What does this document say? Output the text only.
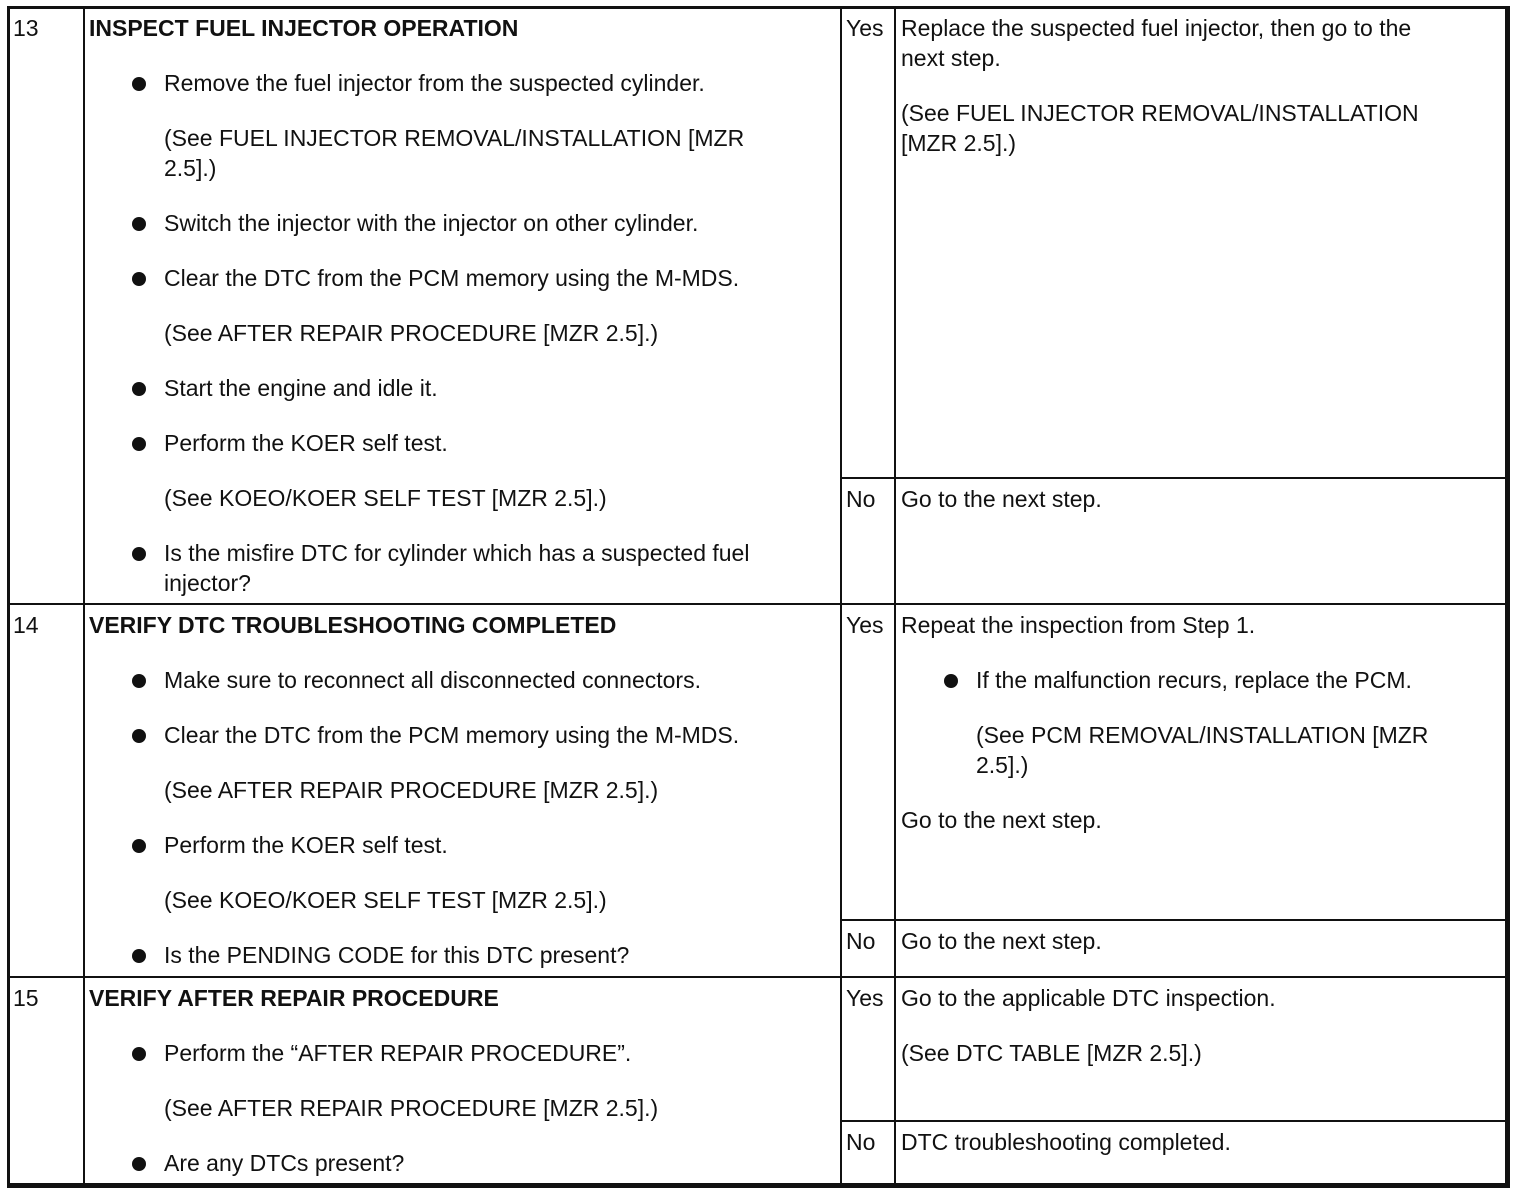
13 INSPECT FUEL INJECTOR OPERATION
Remove the fuel injector from the suspected cylinder.
(See FUEL INJECTOR REMOVAL/INSTALLATION [MZR
2.5].)
Switch the injector with the injector on other cylinder.
Clear the DTC from the PCM memory using the M-MDS.
(See AFTER REPAIR PROCEDURE [MZR 2.5].)
Start the engine and idle it.
Perform the KOER self test.
(See KOEO/KOER SELF TEST [MZR 2.5].)
Is the misfire DTC for cylinder which has a suspected fuel
injector?
Yes Replace the suspected fuel injector, then go to the
next step.
(See FUEL INJECTOR REMOVAL/INSTALLATION
[MZR 2.5].)
No Go to the next step.
14 VERIFY DTC TROUBLESHOOTING COMPLETED
Make sure to reconnect all disconnected connectors.
Clear the DTC from the PCM memory using the M-MDS.
(See AFTER REPAIR PROCEDURE [MZR 2.5].)
Perform the KOER self test.
(See KOEO/KOER SELF TEST [MZR 2.5].)
Is the PENDING CODE for this DTC present?
Yes Repeat the inspection from Step 1.
If the malfunction recurs, replace the PCM.
(See PCM REMOVAL/INSTALLATION [MZR
2.5].)
Go to the next step.
No Go to the next step.
15 VERIFY AFTER REPAIR PROCEDURE
Perform the “AFTER REPAIR PROCEDURE”.
(See AFTER REPAIR PROCEDURE [MZR 2.5].)
Are any DTCs present?
Yes Go to the applicable DTC inspection.
(See DTC TABLE [MZR 2.5].)
No DTC troubleshooting completed.
